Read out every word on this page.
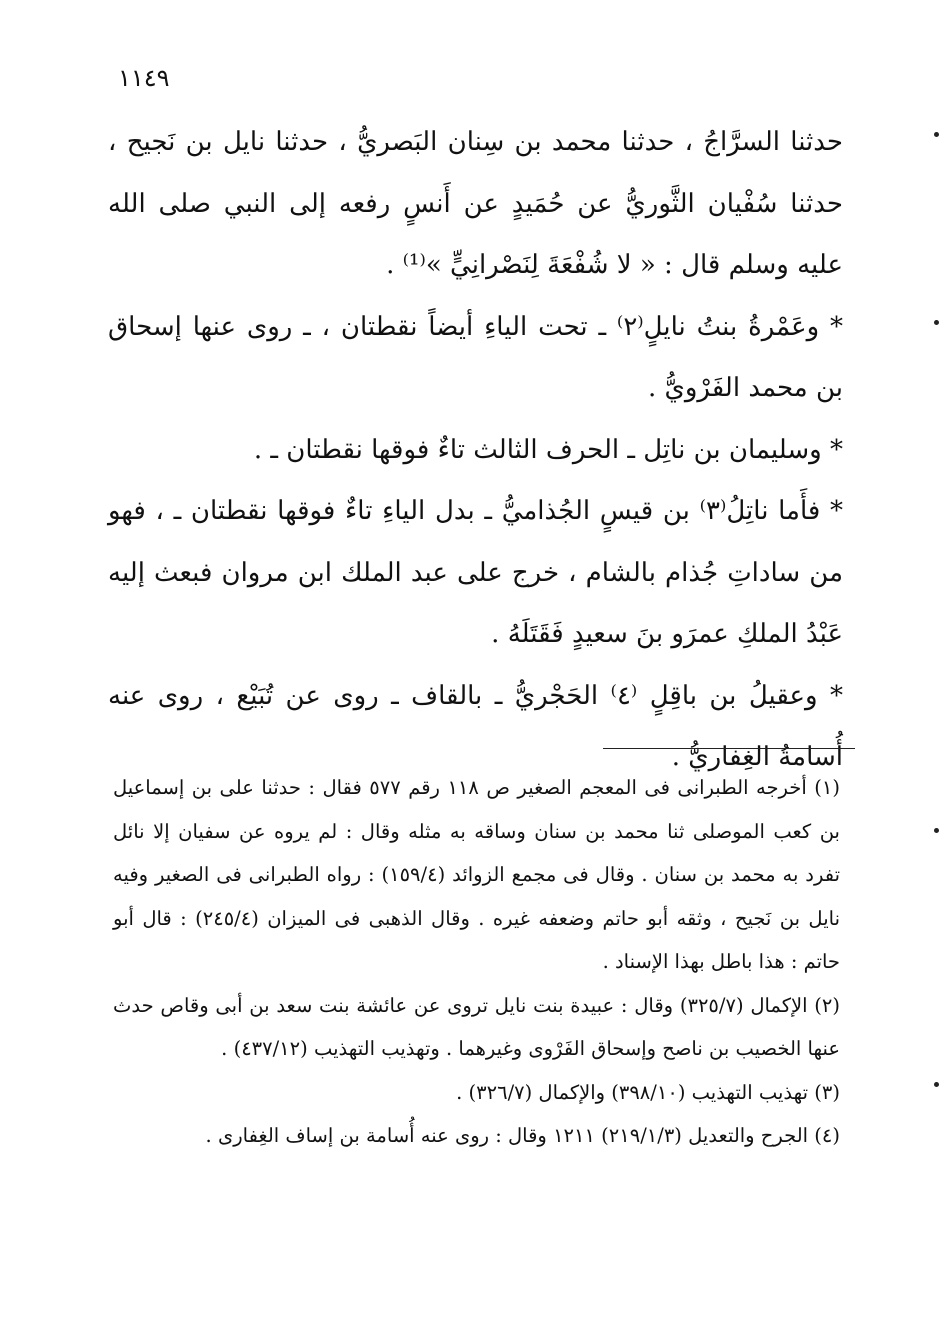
١١٤٩

حدثنا السرَّاجُ ، حدثنا محمد بن سِنان البَصريُّ ، حدثنا نايل بن نَجيح ، حدثنا سُفْيان الثَّوريُّ عن حُمَيدٍ عن أَنسٍ رفعه إلى النبي صلى الله عليه وسلم قال : « لا شُفْعَةَ لِنَصْرانِيٍّ »⁽¹⁾ .

* وعَمْرةُ بنتُ نايلٍ⁽٢⁾ ـ تحت الياءِ أيضاً نقطتان ، ـ روى عنها إسحاق بن محمد الفَرْويُّ .

* وسليمان بن ناتِل ـ الحرف الثالث تاءٌ فوقها نقطتان ـ .

* فأَما ناتِلُ⁽٣⁾ بن قيسٍ الجُذاميُّ ـ بدل الياءِ تاءٌ فوقها نقطتان ـ ، فهو من ساداتِ جُذام بالشام ، خرج على عبد الملك ابن مروان فبعث إليه عَبْدُ الملكِ عمرَو بنَ سعيدٍ فَقَتَلَهُ .

* وعقيلُ بن باقِلٍ ⁽٤⁾ الحَجْريُّ ـ بالقاف ـ روى عن تُبَيْع ، روى عنه أُسامةُ الغِفاريُّ .

(١) أخرجه الطبرانى فى المعجم الصغير ص ١١٨ رقم ٥٧٧ فقال : حدثنا على بن إسماعيل بن كعب الموصلى ثنا محمد بن سنان وساقه به مثله وقال : لم يروه عن سفيان إلا نائل تفرد به محمد بن سنان . وقال فى مجمع الزوائد (١٥٩/٤) : رواه الطبرانى فى الصغير وفيه نايل بن نَجيح ، وثقه أبو حاتم وضعفه غيره . وقال الذهبى فى الميزان (٢٤٥/٤) : قال أبو حاتم : هذا باطل بهذا الإسناد .

(٢) الإكمال (٣٢٥/٧) وقال : عبيدة بنت نايل تروى عن عائشة بنت سعد بن أبى وقاص حدث عنها الخصيب بن ناصح وإسحاق الفَرْوى وغيرهما . وتهذيب التهذيب (٤٣٧/١٢) .

(٣) تهذيب التهذيب (٣٩٨/١٠) والإكمال (٣٢٦/٧) .

(٤) الجرح والتعديل (٢١٩/١/٣) ١٢١١ وقال : روى عنه أُسامة بن إساف الغِفارى .
